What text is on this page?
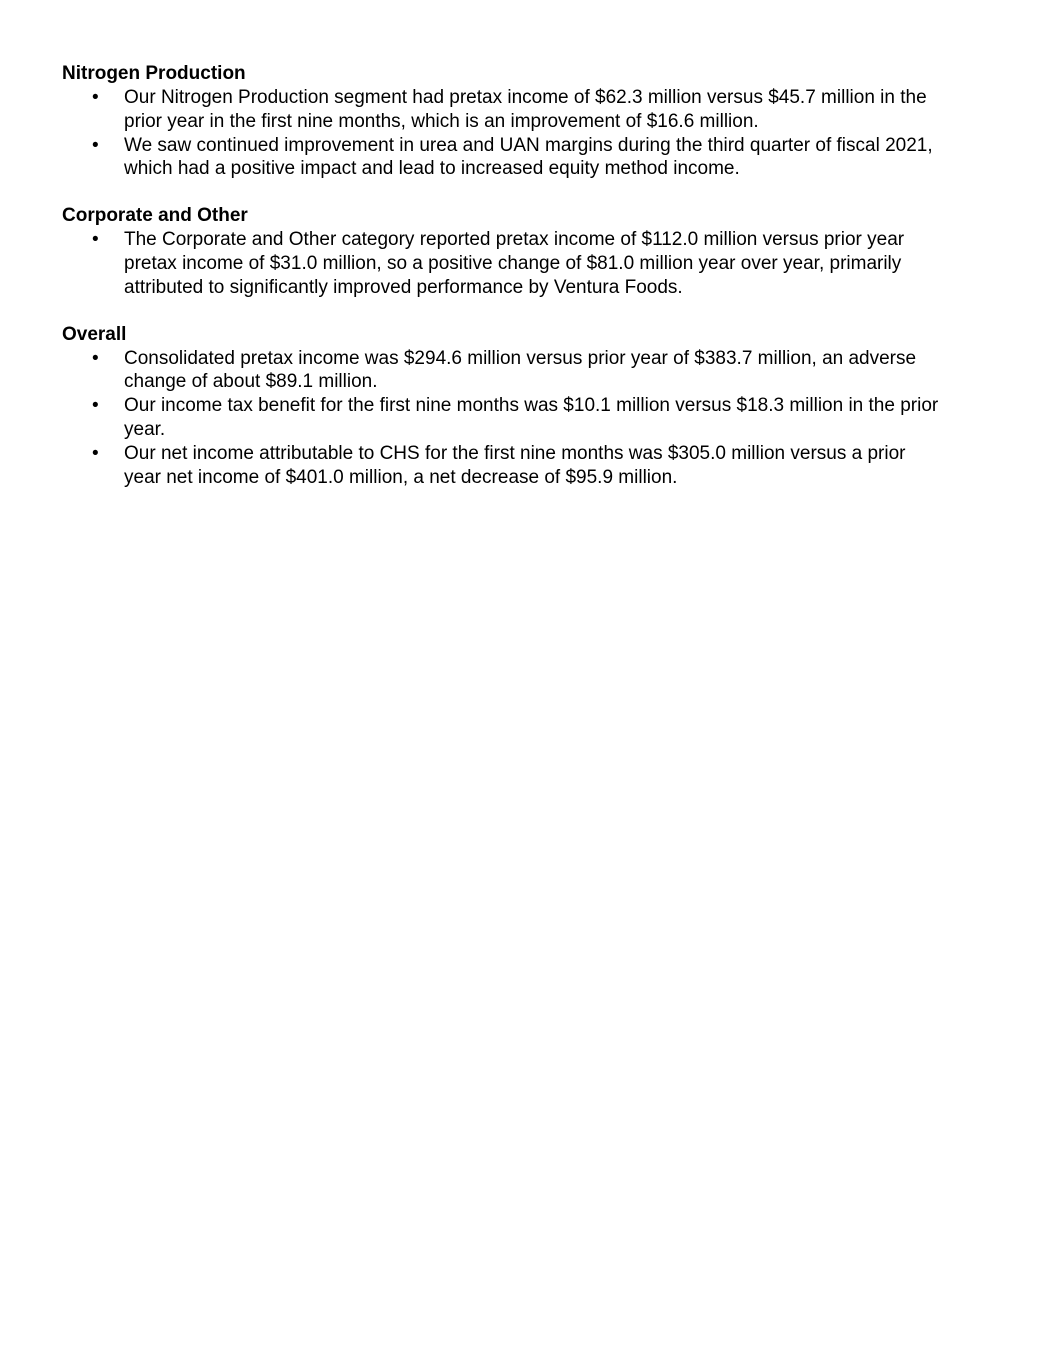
Nitrogen Production

• Our Nitrogen Production segment had pretax income of $62.3 million versus $45.7 million in the prior year in the first nine months, which is an improvement of $16.6 million.
• We saw continued improvement in urea and UAN margins during the third quarter of fiscal 2021, which had a positive impact and lead to increased equity method income.

Corporate and Other

• The Corporate and Other category reported pretax income of $112.0 million versus prior year pretax income of $31.0 million, so a positive change of $81.0 million year over year, primarily attributed to significantly improved performance by Ventura Foods.

Overall

• Consolidated pretax income was $294.6 million versus prior year of $383.7 million, an adverse change of about $89.1 million.
• Our income tax benefit for the first nine months was $10.1 million versus $18.3 million in the prior year.
• Our net income attributable to CHS for the first nine months was $305.0 million versus a prior year net income of $401.0 million, a net decrease of $95.9 million.
